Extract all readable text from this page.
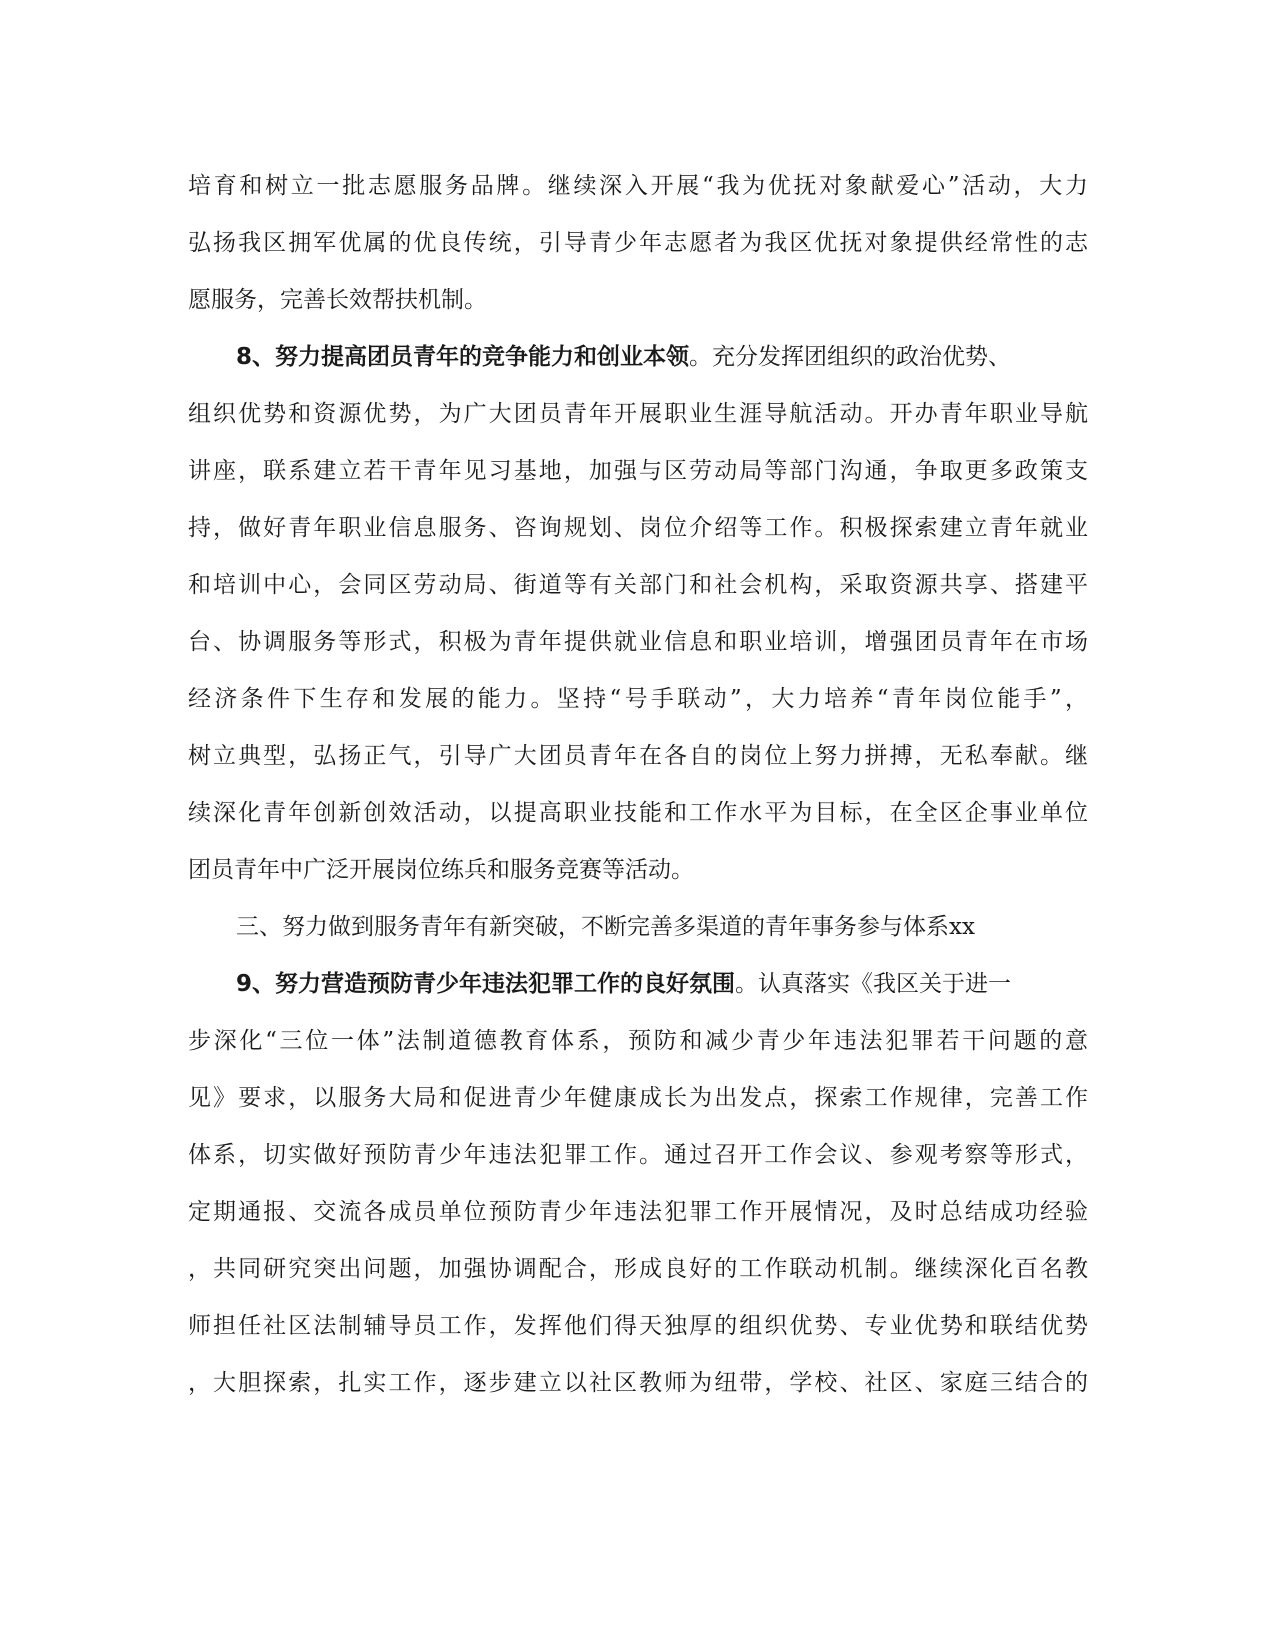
培育和树立一批志愿服务品牌。继续深入开展“我为优抚对象献爱心”活动，大力
弘扬我区拥军优属的优良传统，引导青少年志愿者为我区优抚对象提供经常性的志
愿服务，完善长效帮扶机制。
8、努力提高团员青年的竞争能力和创业本领。充分发挥团组织的政治优势、
组织优势和资源优势，为广大团员青年开展职业生涯导航活动。开办青年职业导航
讲座，联系建立若干青年见习基地，加强与区劳动局等部门沟通，争取更多政策支
持，做好青年职业信息服务、咨询规划、岗位介绍等工作。积极探索建立青年就业
和培训中心，会同区劳动局、街道等有关部门和社会机构，采取资源共享、搭建平
台、协调服务等形式，积极为青年提供就业信息和职业培训，增强团员青年在市场
经济条件下生存和发展的能力。坚持“号手联动”，大力培养“青年岗位能手”，
树立典型，弘扬正气，引导广大团员青年在各自的岗位上努力拼搏，无私奉献。继
续深化青年创新创效活动，以提高职业技能和工作水平为目标，在全区企事业单位
团员青年中广泛开展岗位练兵和服务竞赛等活动。
三、努力做到服务青年有新突破，不断完善多渠道的青年事务参与体系xx
9、努力营造预防青少年违法犯罪工作的良好氛围。认真落实《我区关于进一
步深化“三位一体”法制道德教育体系，预防和减少青少年违法犯罪若干问题的意
见》要求，以服务大局和促进青少年健康成长为出发点，探索工作规律，完善工作
体系，切实做好预防青少年违法犯罪工作。通过召开工作会议、参观考察等形式，
定期通报、交流各成员单位预防青少年违法犯罪工作开展情况，及时总结成功经验
，共同研究突出问题，加强协调配合，形成良好的工作联动机制。继续深化百名教
师担任社区法制辅导员工作，发挥他们得天独厚的组织优势、专业优势和联结优势
，大胆探索，扎实工作，逐步建立以社区教师为纽带，学校、社区、家庭三结合的
